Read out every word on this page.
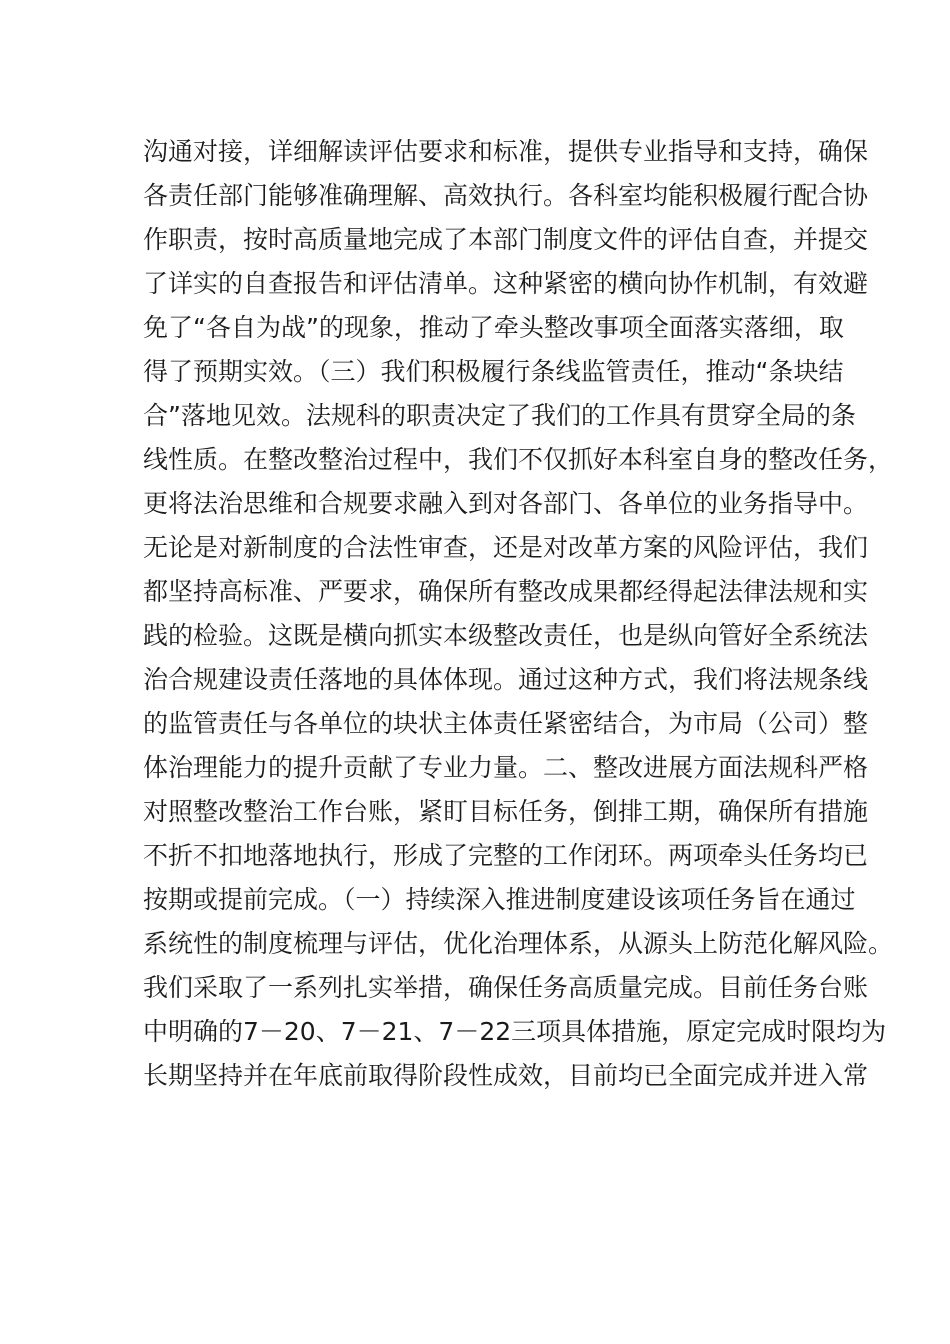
沟通对接，详细解读评估要求和标准，提供专业指导和支持，确保
各责任部门能够准确理解、高效执行。各科室均能积极履行配合协
作职责，按时高质量地完成了本部门制度文件的评估自查，并提交
了详实的自查报告和评估清单。这种紧密的横向协作机制，有效避
免了“各自为战”的现象，推动了牵头整改事项全面落实落细，取
得了预期实效。（三）我们积极履行条线监管责任，推动“条块结
合”落地见效。法规科的职责决定了我们的工作具有贯穿全局的条
线性质。在整改整治过程中，我们不仅抓好本科室自身的整改任务，
更将法治思维和合规要求融入到对各部门、各单位的业务指导中。
无论是对新制度的合法性审查，还是对改革方案的风险评估，我们
都坚持高标准、严要求，确保所有整改成果都经得起法律法规和实
践的检验。这既是横向抓实本级整改责任，也是纵向管好全系统法
治合规建设责任落地的具体体现。通过这种方式，我们将法规条线
的监管责任与各单位的块状主体责任紧密结合，为市局（公司）整
体治理能力的提升贡献了专业力量。二、整改进展方面法规科严格
对照整改整治工作台账，紧盯目标任务，倒排工期，确保所有措施
不折不扣地落地执行，形成了完整的工作闭环。两项牵头任务均已
按期或提前完成。（一）持续深入推进制度建设该项任务旨在通过
系统性的制度梳理与评估，优化治理体系，从源头上防范化解风险。
我们采取了一系列扎实举措，确保任务高质量完成。目前任务台账
中明确的7－20、7－21、7－22三项具体措施，原定完成时限均为
长期坚持并在年底前取得阶段性成效，目前均已全面完成并进入常
